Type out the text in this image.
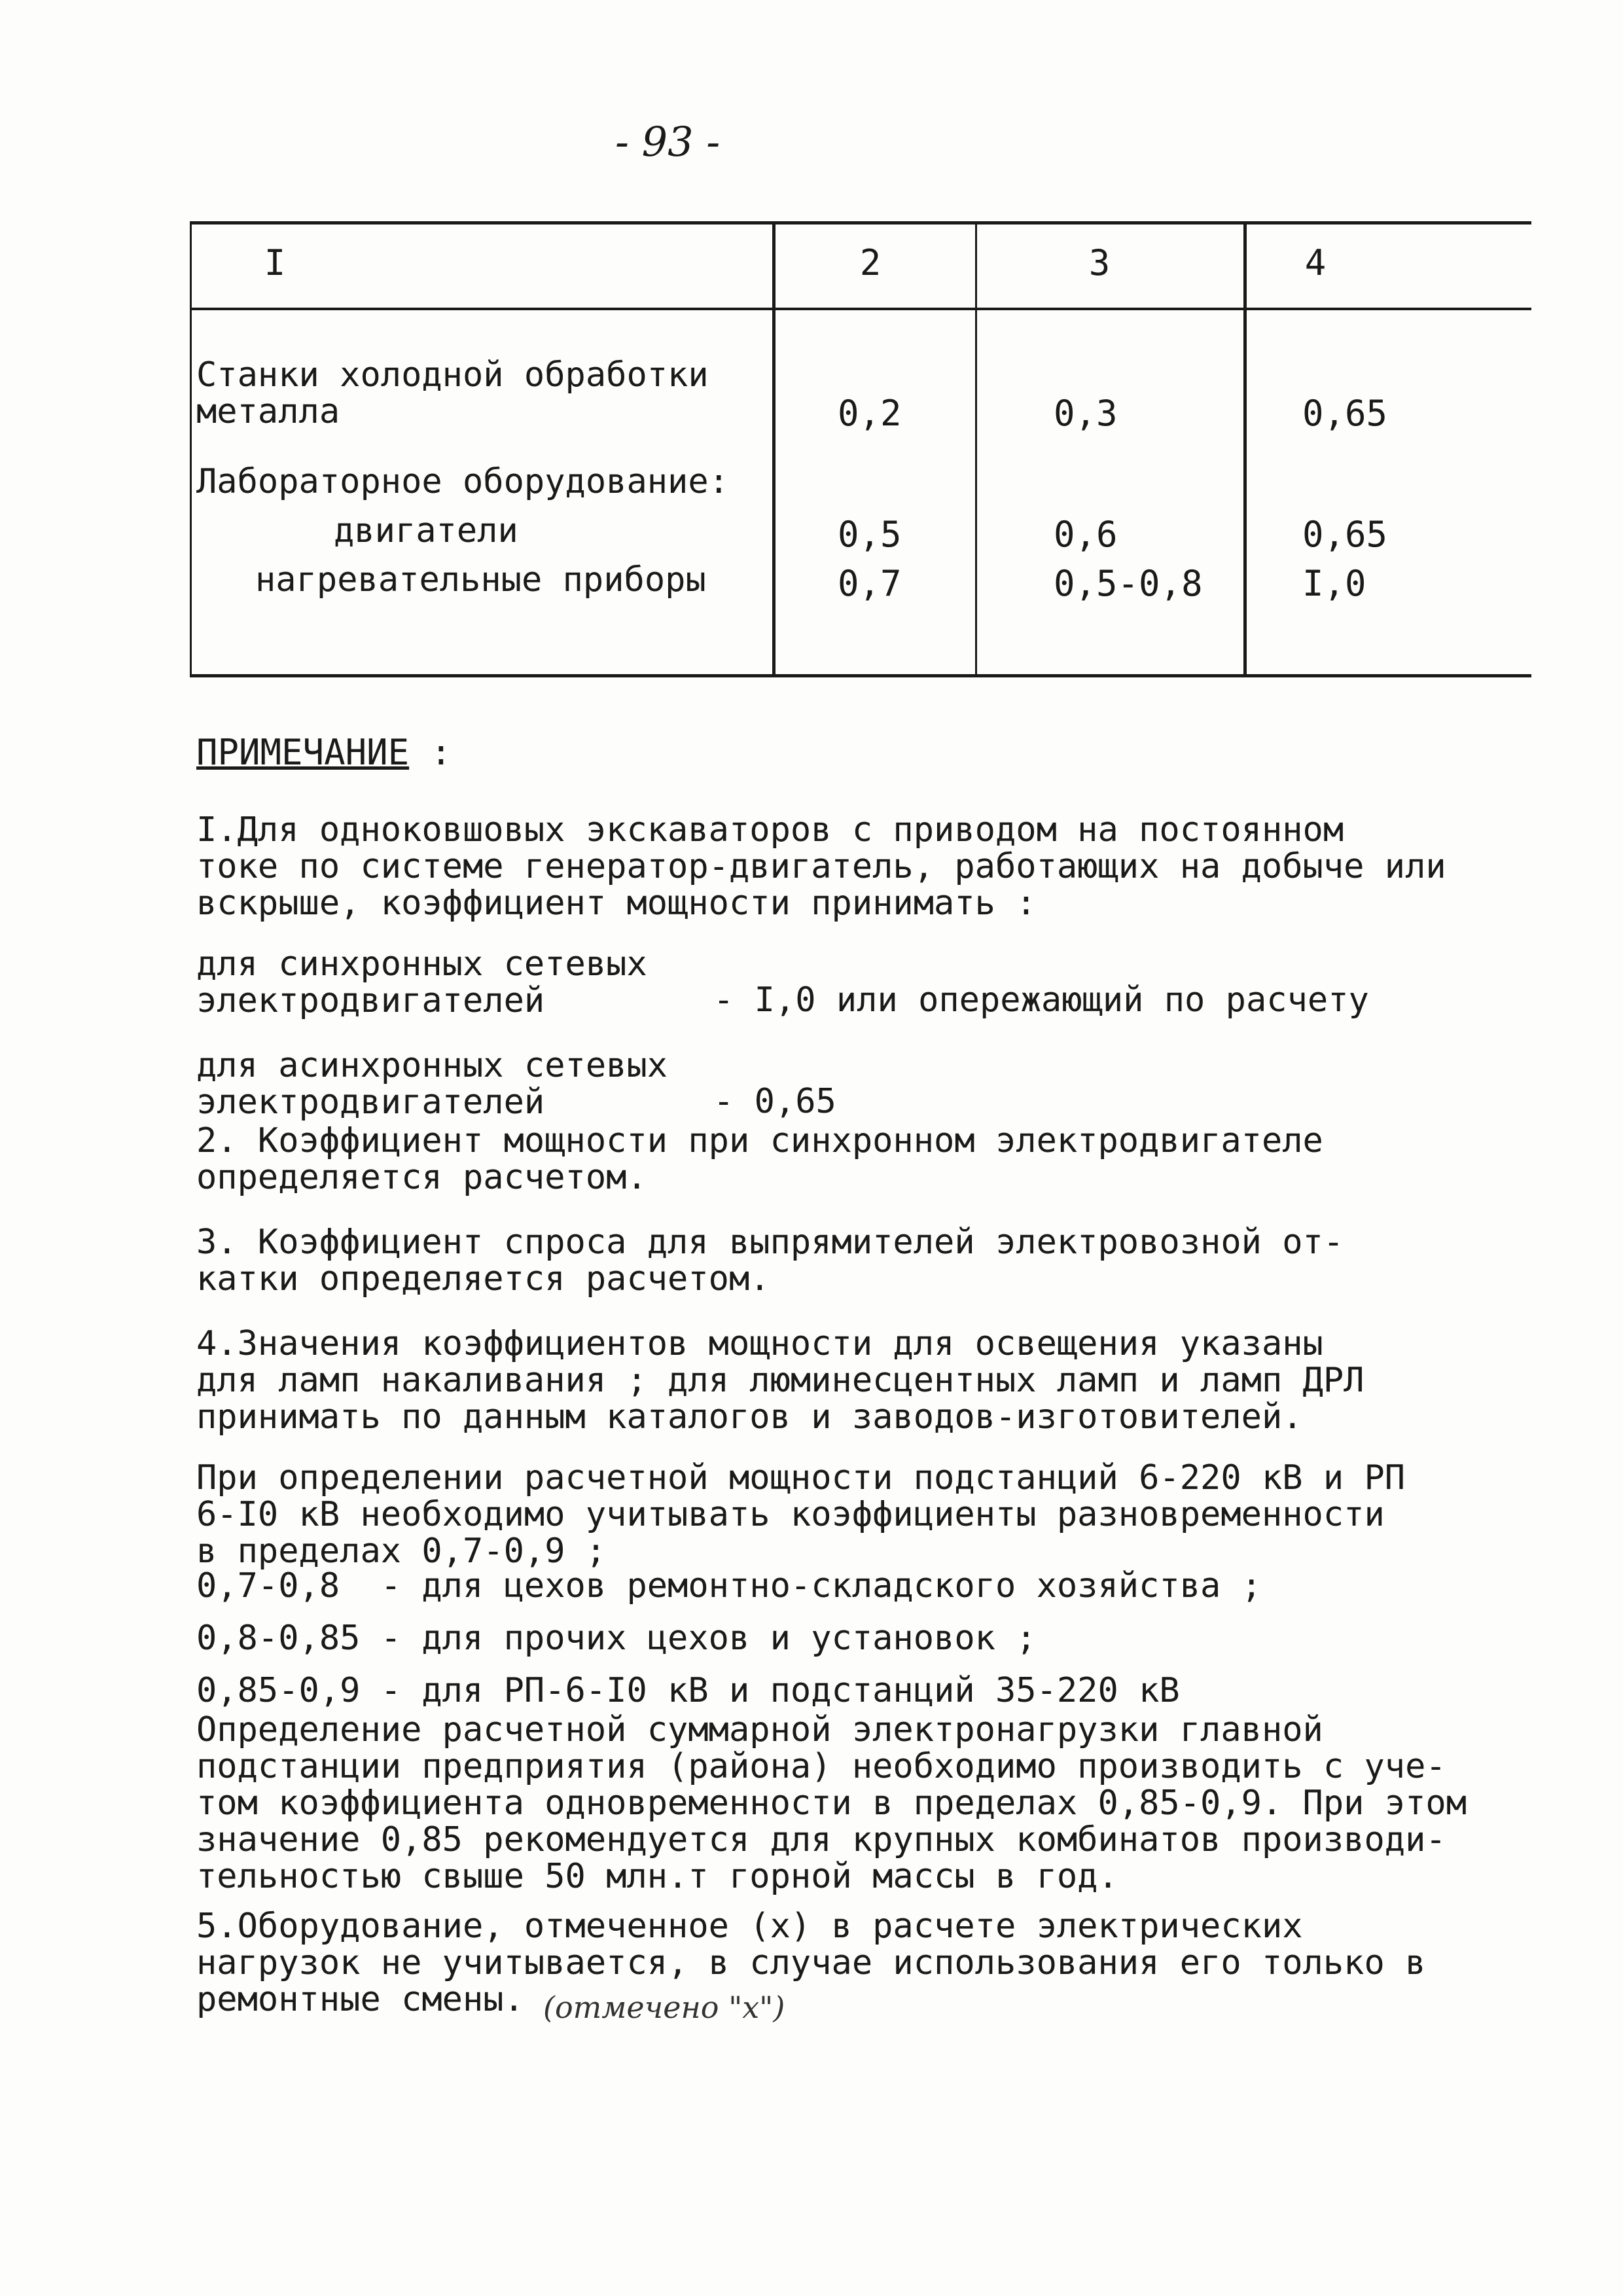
- 93 -
I	2	3	4
Станки холодной обработки
металла	0,2	0,3	0,65
Лабораторное оборудование:
двигатели	0,5	0,6	0,65
нагревательные приборы	0,7	0,5-0,8	I,0
ПРИМЕЧАНИЕ :
I.Для одноковшовых экскаваторов с приводом на постоянном
токе по системе генератор-двигатель, работающих на добыче или
вскрыше, коэффициент мощности принимать :
для синхронных сетевых
электродвигателей	- I,0 или опережающий по расчету
для асинхронных сетевых
электродвигателей	- 0,65
2. Коэффициент мощности при синхронном электродвигателе
определяется расчетом.
3. Коэффициент спроса для выпрямителей электровозной от-
катки определяется расчетом.
4.Значения коэффициентов мощности для освещения указаны
для ламп накаливания ; для люминесцентных ламп и ламп ДРЛ
принимать по данным каталогов и заводов-изготовителей.
При определении расчетной мощности подстанций 6-220 кВ и РП
6-I0 кВ необходимо учитывать коэффициенты разновременности
в пределах 0,7-0,9 ;
0,7-0,8  - для цехов ремонтно-складского хозяйства ;
0,8-0,85 - для прочих цехов и установок ;
0,85-0,9 - для РП-6-I0 кВ и подстанций 35-220 кВ
Определение расчетной суммарной электронагрузки главной
подстанции предприятия (района) необходимо производить с уче-
том коэффициента одновременности в пределах 0,85-0,9. При этом
значение 0,85 рекомендуется для крупных комбинатов производи-
тельностью свыше 50 млн.т горной массы в год.
5.Оборудование, отмеченное (х) в расчете электрических
нагрузок не учитывается, в случае использования его только в
ремонтные смены. (отмечено "х")
